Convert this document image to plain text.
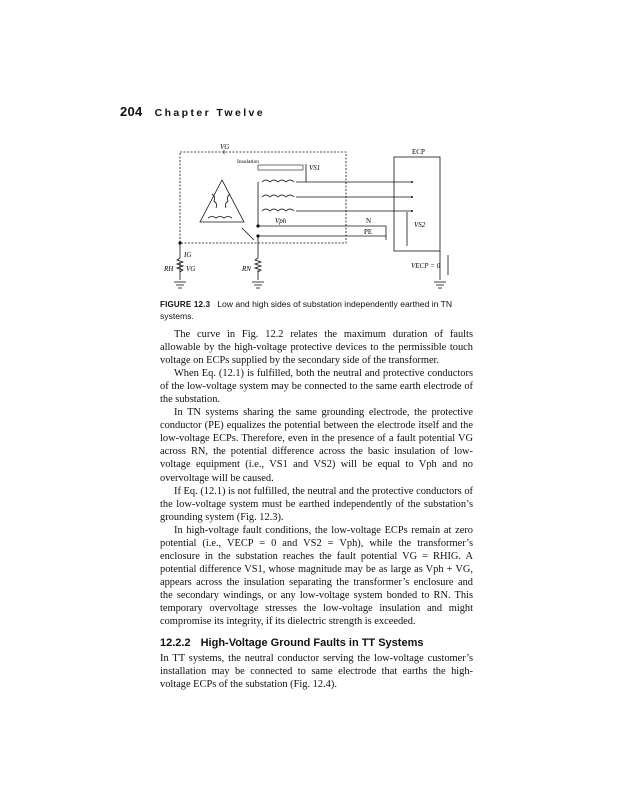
204 Chapter Twelve
VG
Insulation
VS1
ECP
Vph	N
PE
VS2
IG
RH VG	RN	VECP = 0
FIGURE 12.3 Low and high sides of substation independently earthed in TN systems.

The curve in Fig. 12.2 relates the maximum duration of faults allowable by the high-voltage protective devices to the permissible touch voltage on ECPs supplied by the secondary side of the transformer.

When Eq. (12.1) is fulfilled, both the neutral and protective conductors of the low-voltage system may be connected to the same earth electrode of the substation.

In TN systems sharing the same grounding electrode, the protective conductor (PE) equalizes the potential between the electrode itself and the low-voltage ECPs. Therefore, even in the presence of a fault potential VG across RN, the potential difference across the basic insulation of low-voltage equipment (i.e., VS1 and VS2) will be equal to Vph and no overvoltage will be caused.

If Eq. (12.1) is not fulfilled, the neutral and the protective conductors of the low-voltage system must be earthed independently of the substation’s grounding system (Fig. 12.3).

In high-voltage fault conditions, the low-voltage ECPs remain at zero potential (i.e., VECP = 0 and VS2 = Vph), while the transformer’s enclosure in the substation reaches the fault potential VG = RHIG. A potential difference VS1, whose magnitude may be as large as Vph + VG, appears across the insulation separating the transformer’s enclosure and the secondary windings, or any low-voltage system bonded to RN. This temporary overvoltage stresses the low-voltage insulation and might compromise its integrity, if its dielectric strength is exceeded.

12.2.2 High-Voltage Ground Faults in TT Systems

In TT systems, the neutral conductor serving the low-voltage customer’s installation may be connected to same electrode that earths the high-voltage ECPs of the substation (Fig. 12.4).
